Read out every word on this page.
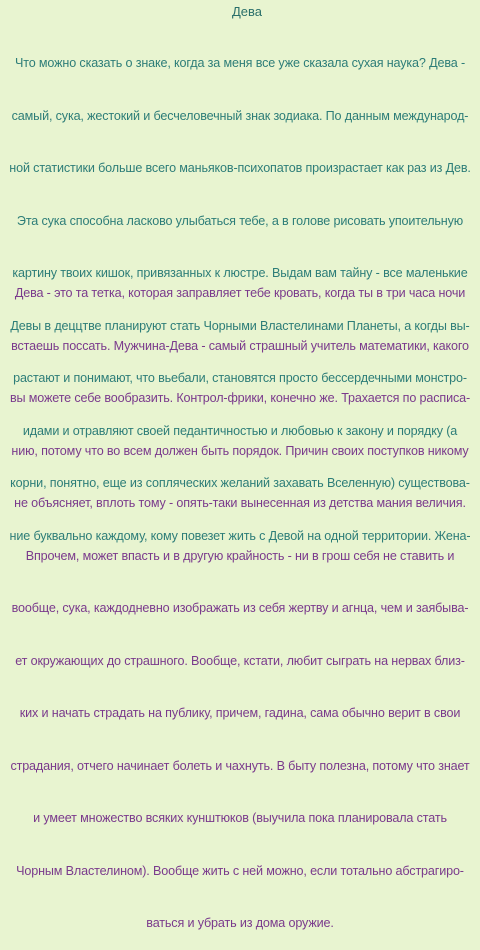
Дева

Что можно сказать о знаке, когда за меня все уже сказала сухая наука? Дева -

самый, сука, жестокий и бесчеловечный знак зодиака. По данным международ-

ной статистики больше всего маньяков-психопатов произрастает как раз из Дев.

Эта сука способна ласково улыбаться тебе, а в голове рисовать упоительную

картину твоих кишок, привязанных к люстре. Выдам вам тайну - все маленькие

Девы в деццтве планируют стать Чорными Властелинами Планеты, а когды вы-

растают и понимают, что вьебали, становятся просто бессердечными монстро-

идами и отравляют своей педантичностью и любовью к закону и порядку (а

корни, понятно, еще из сопляческих желаний захавать Вселенную) существова-

ние буквально каждому, кому повезет жить с Девой на одной территории. Жена-

Дева - это та тетка, которая заправляет тебе кровать, когда ты в три часа ночи

встаешь поссать. Мужчина-Дева - самый страшный учитель математики, какого

вы можете себе вообразить. Контрол-фрики, конечно же. Трахается по расписа-

нию, потому что во всем должен быть порядок. Причин своих поступков никому

не объясняет, вплоть тому - опять-таки вынесенная из детства мания величия.

Впрочем, может впасть и в другую крайность - ни в грош себя не ставить и

вообще, сука, каждодневно изображать из себя жертву и агнца, чем и заябыва-

ет окружающих до страшного. Вообще, кстати, любит сыграть на нервах близ-

ких и начать страдать на публику, причем, гадина, сама обычно верит в свои

страдания, отчего начинает болеть и чахнуть. В быту полезна, потому что знает

и умеет множество всяких кунштюков (выучила пока планировала стать

Чорным Властелином). Вообще жить с ней можно, если тотально абстрагиро-

ваться и убрать из дома оружие.
